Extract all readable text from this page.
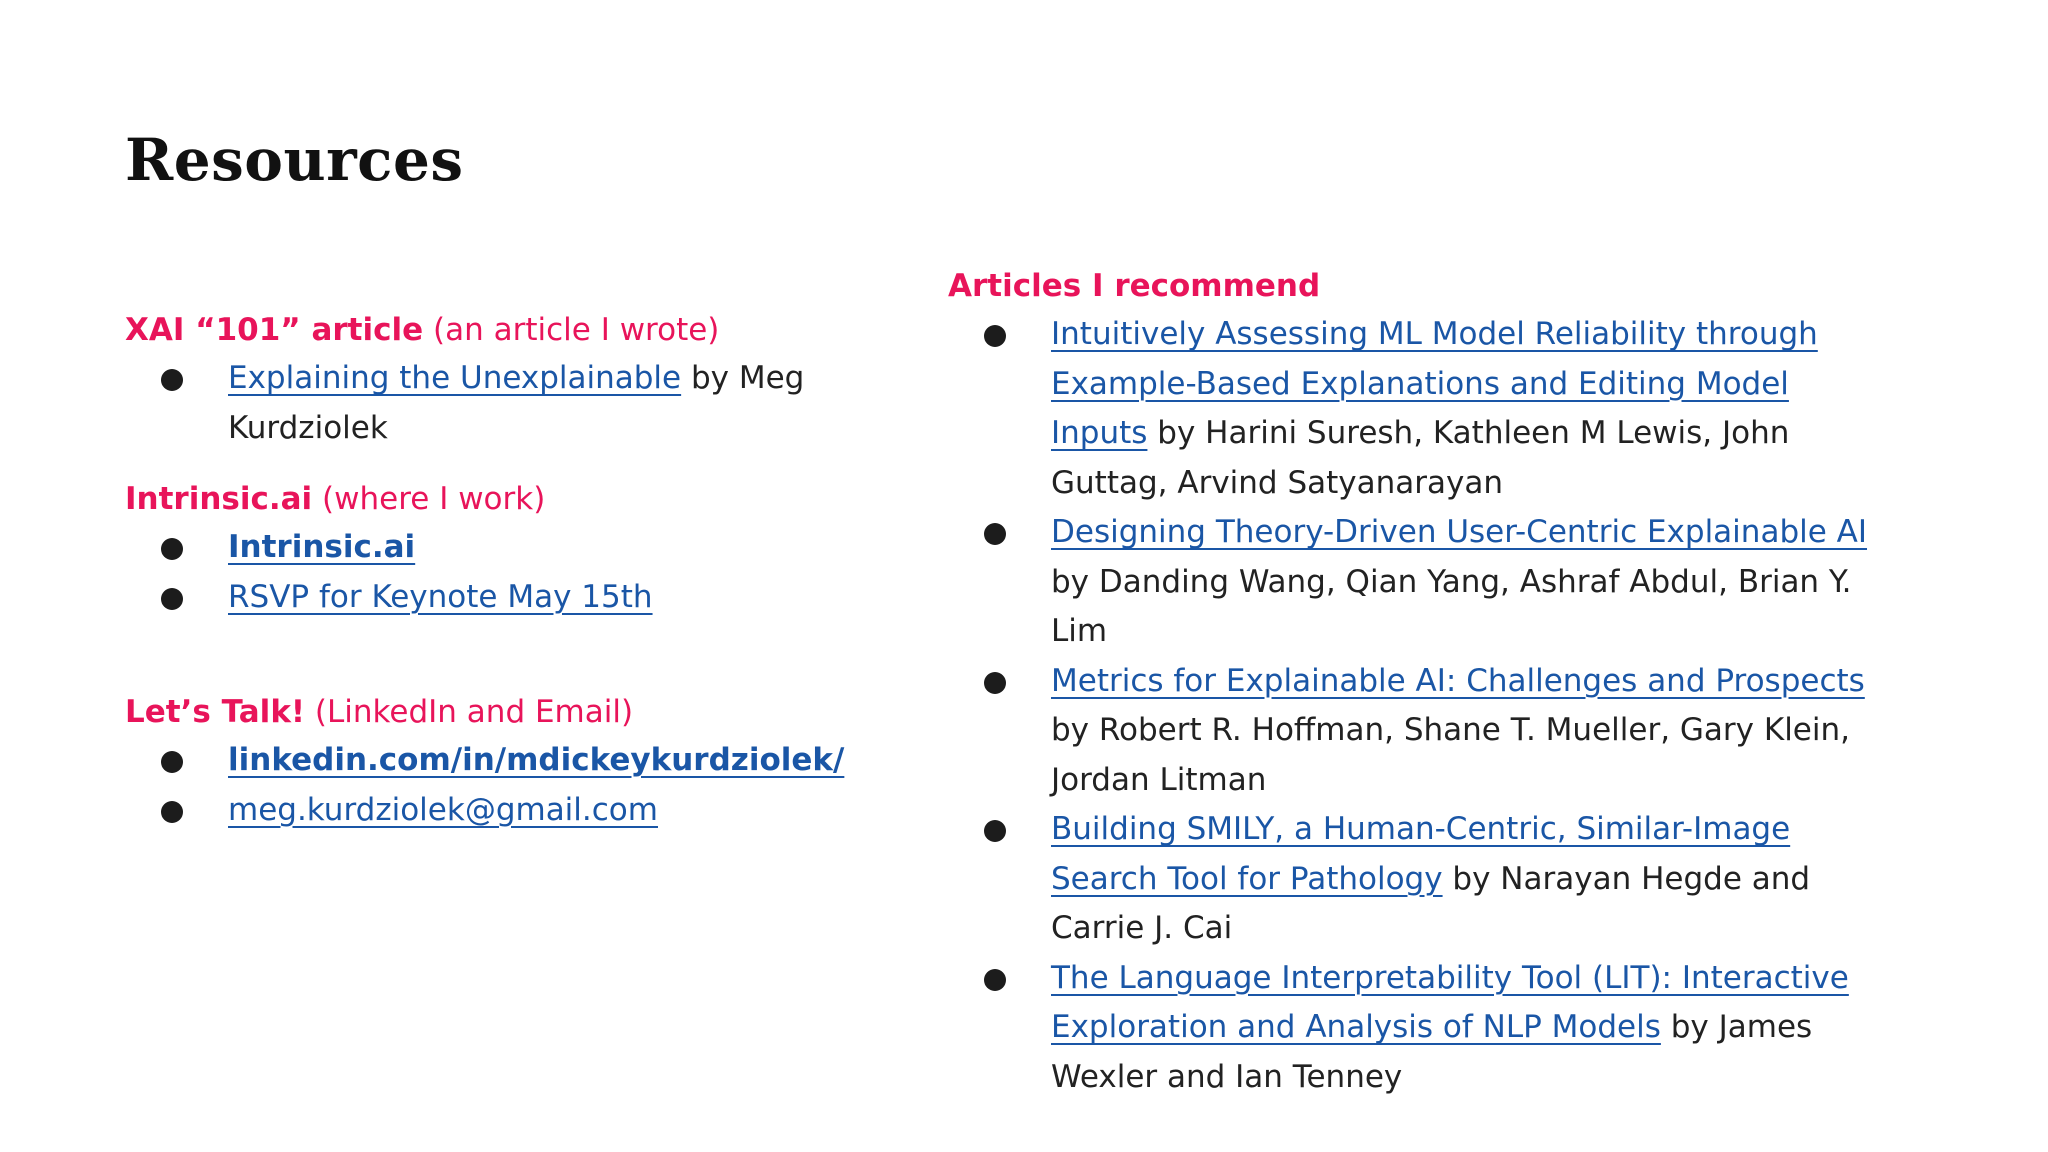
Resources

XAI “101” article (an article I wrote)

Explaining the Unexplainable by Meg Kurdziolek

Intrinsic.ai (where I work)

Intrinsic.ai
RSVP for Keynote May 15th

Let’s Talk! (LinkedIn and Email)

linkedin.com/in/mdickeykurdziolek/
meg.kurdziolek@gmail.com

Articles I recommend

Intuitively Assessing ML Model Reliability through Example-Based Explanations and Editing Model Inputs by Harini Suresh, Kathleen M Lewis, John Guttag, Arvind Satyanarayan
Designing Theory-Driven User-Centric Explainable AI by Danding Wang, Qian Yang, Ashraf Abdul, Brian Y. Lim
Metrics for Explainable AI: Challenges and Prospects by Robert R. Hoffman, Shane T. Mueller, Gary Klein, Jordan Litman
Building SMILY, a Human-Centric, Similar-Image Search Tool for Pathology by Narayan Hegde and Carrie J. Cai
The Language Interpretability Tool (LIT): Interactive Exploration and Analysis of NLP Models by James Wexler and Ian Tenney
